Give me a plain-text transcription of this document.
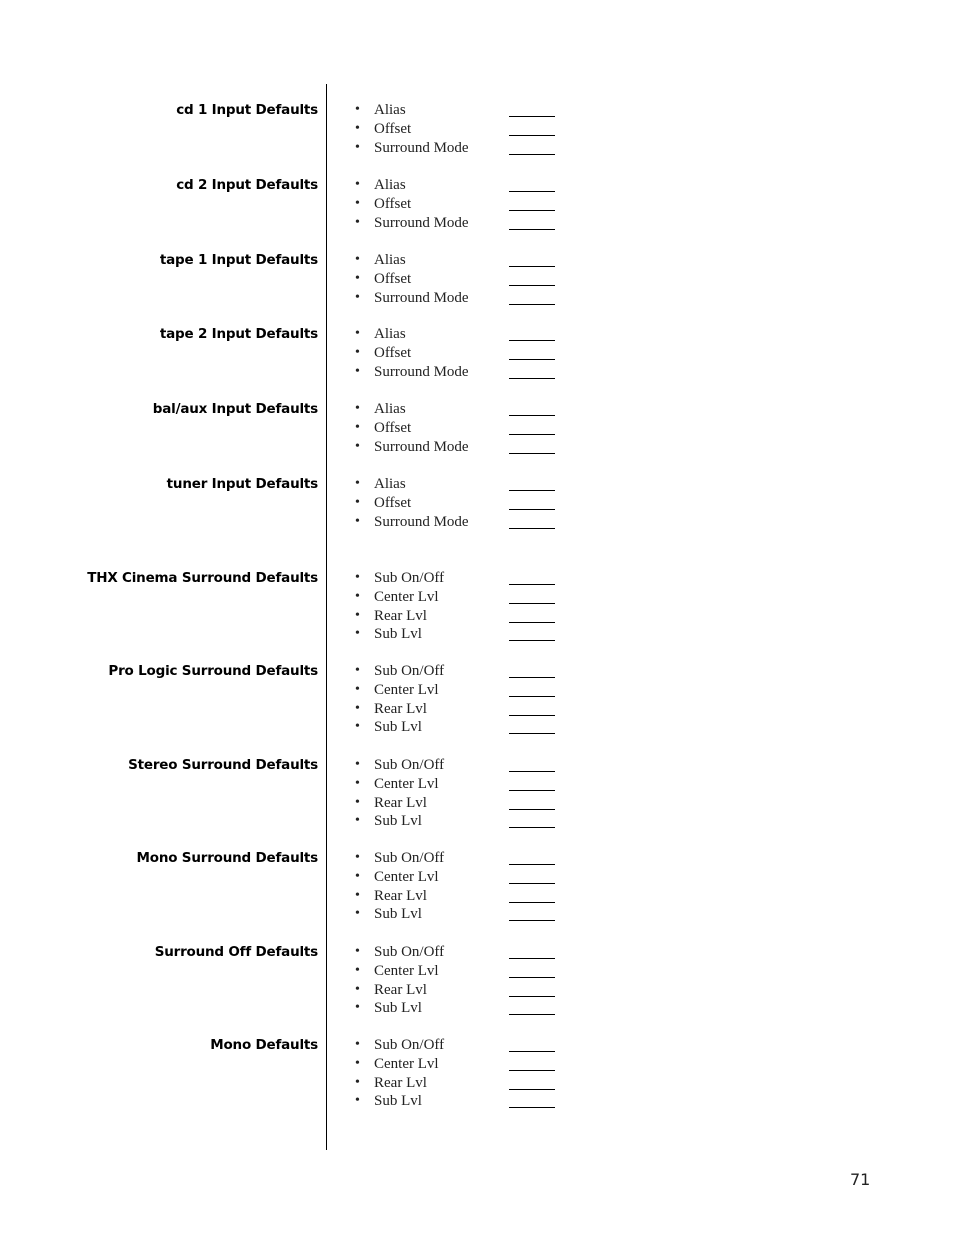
cd 1 Input Defaults	• Alias
• Offset
• Surround Mode
cd 2 Input Defaults	• Alias
• Offset
• Surround Mode
tape 1 Input Defaults	• Alias
• Offset
• Surround Mode
tape 2 Input Defaults	• Alias
• Offset
• Surround Mode
bal/aux Input Defaults	• Alias
• Offset
• Surround Mode
tuner Input Defaults	• Alias
• Offset
• Surround Mode
THX Cinema Surround Defaults	• Sub On/Off
• Center Lvl
• Rear Lvl
• Sub Lvl
Pro Logic Surround Defaults	• Sub On/Off
• Center Lvl
• Rear Lvl
• Sub Lvl
Stereo Surround Defaults	• Sub On/Off
• Center Lvl
• Rear Lvl
• Sub Lvl
Mono Surround Defaults	• Sub On/Off
• Center Lvl
• Rear Lvl
• Sub Lvl
Surround Off Defaults	• Sub On/Off
• Center Lvl
• Rear Lvl
• Sub Lvl
Mono Defaults	• Sub On/Off
• Center Lvl
• Rear Lvl
• Sub Lvl
71
